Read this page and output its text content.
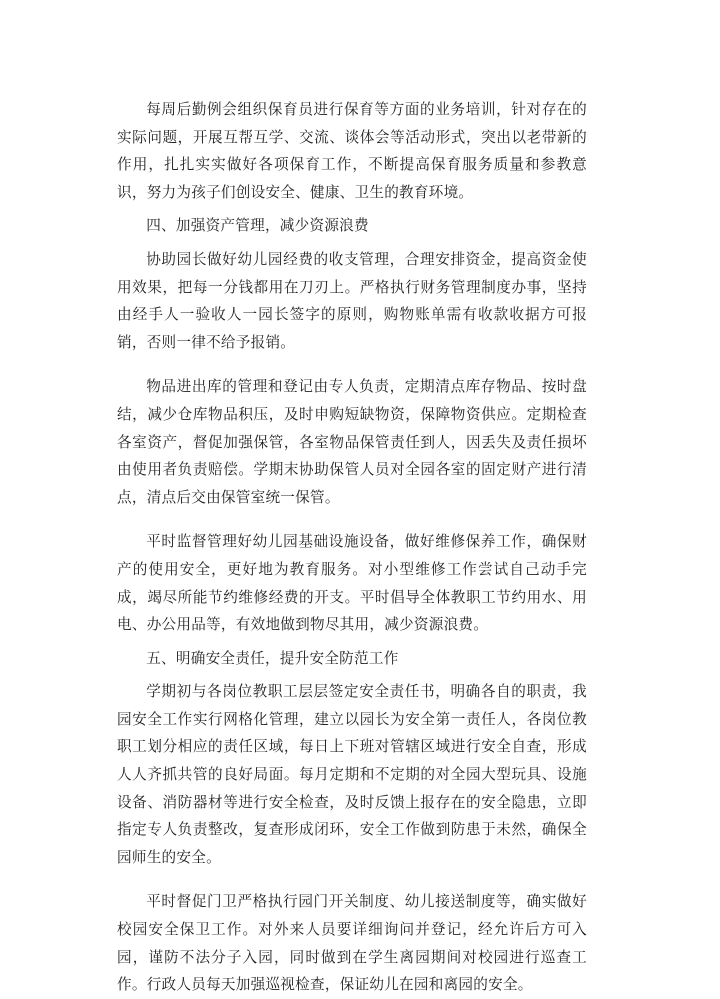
每周后勤例会组织保育员进行保育等方面的业务培训，针对存在的实际问题，开展互帮互学、交流、谈体会等活动形式，突出以老带新的作用，扎扎实实做好各项保育工作，不断提高保育服务质量和参教意识，努力为孩子们创设安全、健康、卫生的教育环境。

四、加强资产管理，减少资源浪费

协助园长做好幼儿园经费的收支管理，合理安排资金，提高资金使用效果，把每一分钱都用在刀刃上。严格执行财务管理制度办事，坚持由经手人一验收人一园长签字的原则，购物账单需有收款收据方可报销，否则一律不给予报销。

物品进出库的管理和登记由专人负责，定期清点库存物品、按时盘结，减少仓库物品积压，及时申购短缺物资，保障物资供应。定期检查各室资产，督促加强保管，各室物品保管责任到人，因丢失及责任损坏由使用者负责赔偿。学期末协助保管人员对全园各室的固定财产进行清点，清点后交由保管室统一保管。

平时监督管理好幼儿园基础设施设备，做好维修保养工作，确保财产的使用安全，更好地为教育服务。对小型维修工作尝试自己动手完成，竭尽所能节约维修经费的开支。平时倡导全体教职工节约用水、用电、办公用品等，有效地做到物尽其用，减少资源浪费。

五、明确安全责任，提升安全防范工作

学期初与各岗位教职工层层签定安全责任书，明确各自的职责，我园安全工作实行网格化管理，建立以园长为安全第一责任人，各岗位教职工划分相应的责任区域，每日上下班对管辖区域进行安全自查，形成人人齐抓共管的良好局面。每月定期和不定期的对全园大型玩具、设施设备、消防器材等进行安全检查，及时反馈上报存在的安全隐患，立即指定专人负责整改，复查形成闭环，安全工作做到防患于未然，确保全园师生的安全。

平时督促门卫严格执行园门开关制度、幼儿接送制度等，确实做好校园安全保卫工作。对外来人员要详细询问并登记，经允许后方可入园，谨防不法分子入园，同时做到在学生离园期间对校园进行巡查工作。行政人员每天加强巡视检查，保证幼儿在园和离园的安全。
